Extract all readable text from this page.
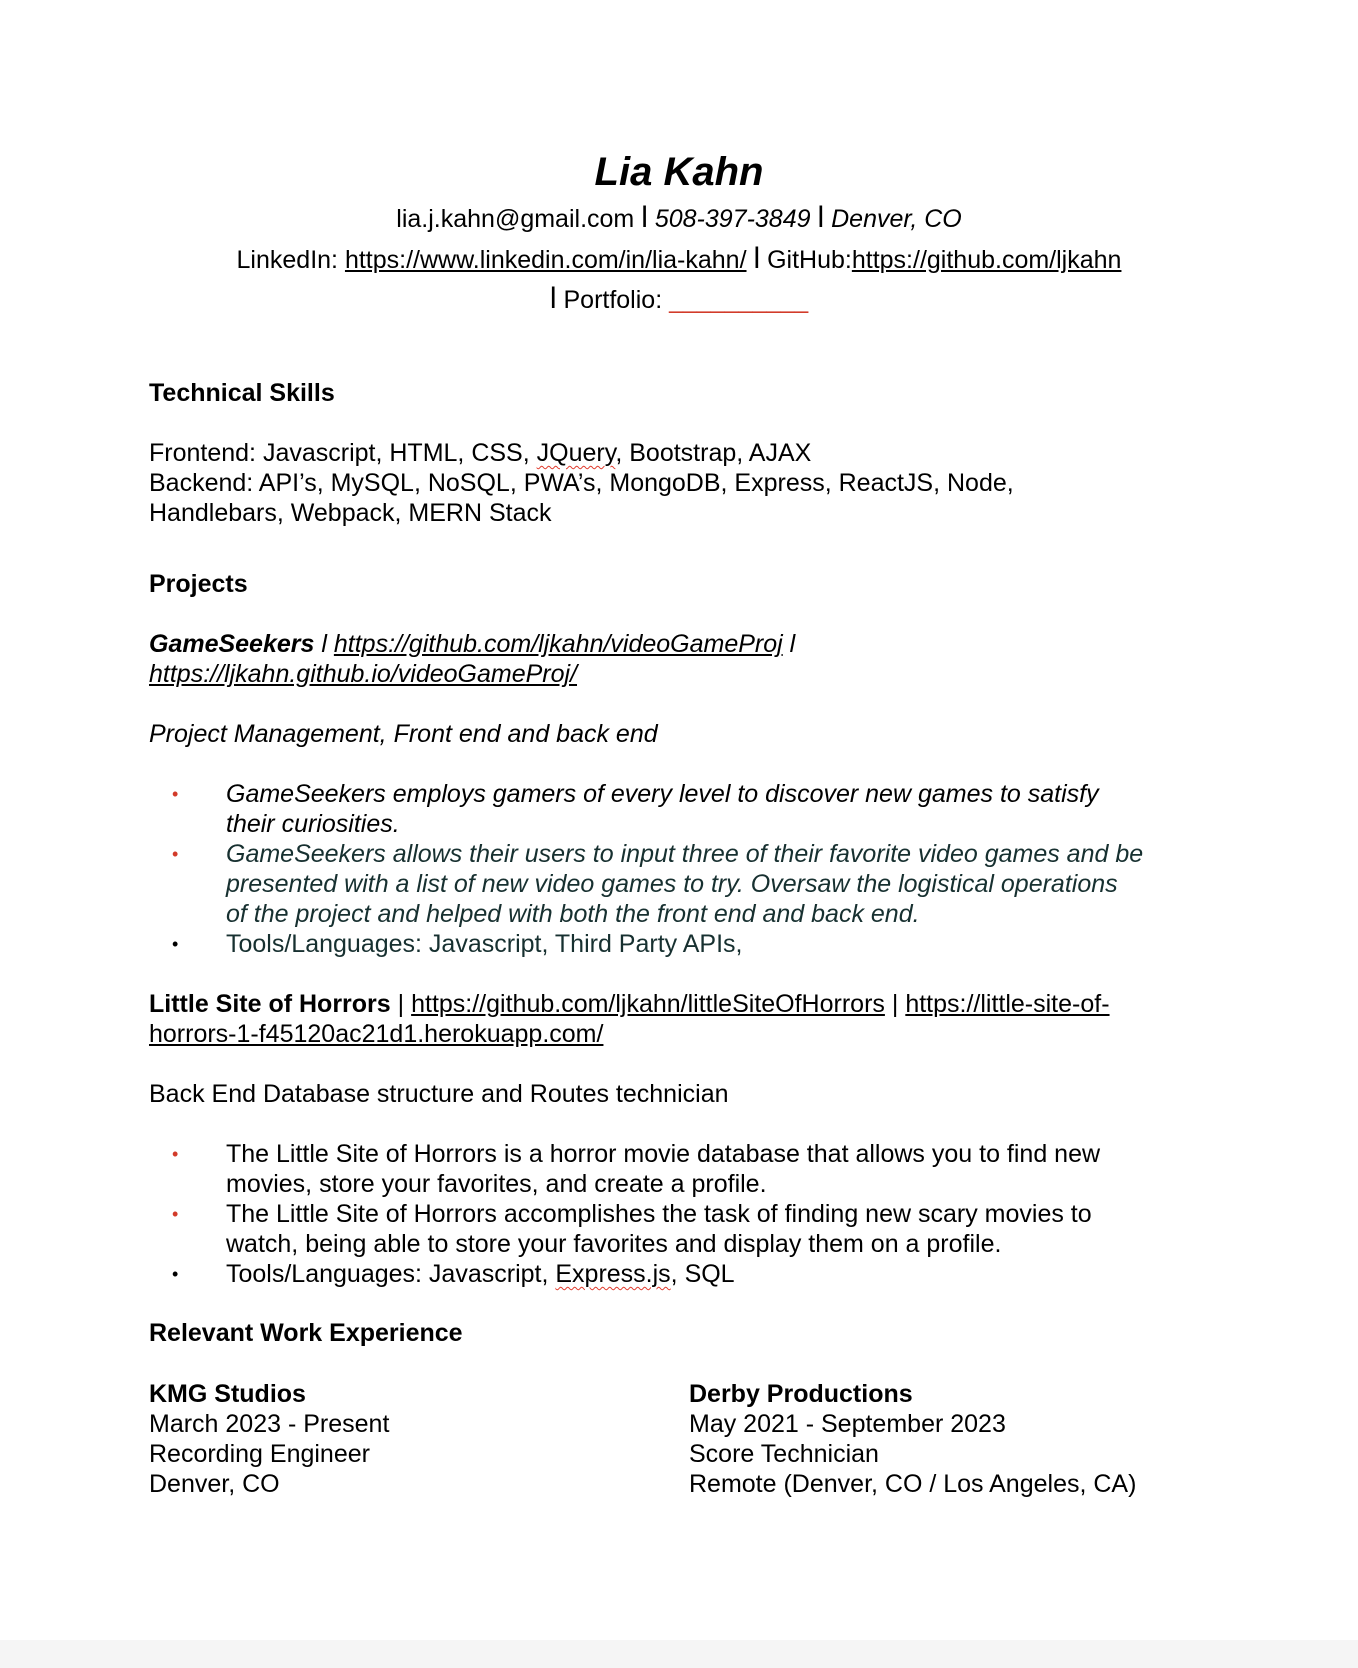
Lia Kahn
lia.j.kahn@gmail.com l 508-397-3849 l Denver, CO
LinkedIn: https://www.linkedin.com/in/lia-kahn/ l GitHub:https://github.com/ljkahn
l Portfolio: __________
Technical Skills
Frontend: Javascript, HTML, CSS, JQuery, Bootstrap, AJAX
Backend: API’s, MySQL, NoSQL, PWA’s, MongoDB, Express, ReactJS, Node,
Handlebars, Webpack, MERN Stack
Projects
GameSeekers l https://github.com/ljkahn/videoGameProj l
https://ljkahn.github.io/videoGameProj/
Project Management, Front end and back end
• GameSeekers employs gamers of every level to discover new games to satisfy
their curiosities.
• GameSeekers allows their users to input three of their favorite video games and be
presented with a list of new video games to try. Oversaw the logistical operations
of the project and helped with both the front end and back end.
• Tools/Languages: Javascript, Third Party APIs,
Little Site of Horrors | https://github.com/ljkahn/littleSiteOfHorrors | https://little-site-of-
horrors-1-f45120ac21d1.herokuapp.com/
Back End Database structure and Routes technician
• The Little Site of Horrors is a horror movie database that allows you to find new
movies, store your favorites, and create a profile.
• The Little Site of Horrors accomplishes the task of finding new scary movies to
watch, being able to store your favorites and display them on a profile.
• Tools/Languages: Javascript, Express.js, SQL
Relevant Work Experience
KMG Studios
March 2023 - Present
Recording Engineer
Denver, CO
Derby Productions
May 2021 - September 2023
Score Technician
Remote (Denver, CO / Los Angeles, CA)
